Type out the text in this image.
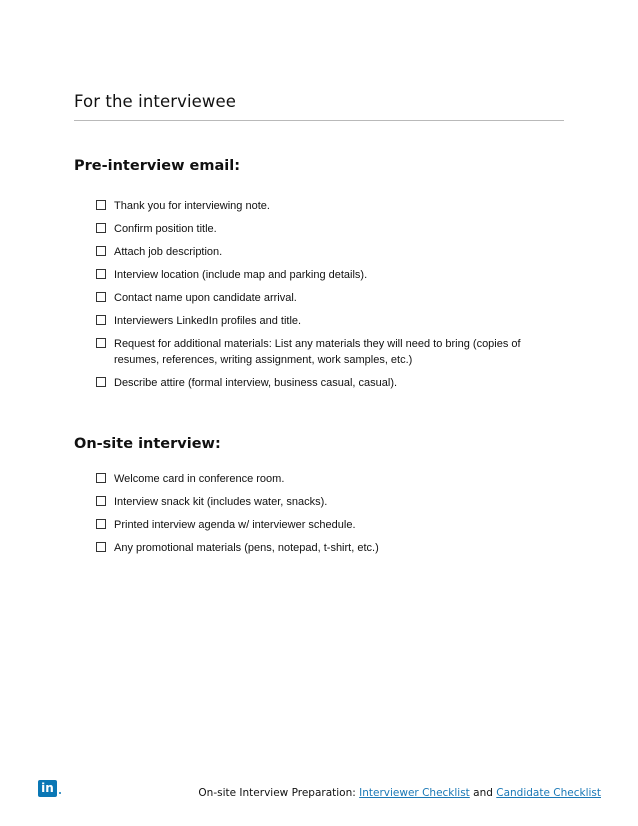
For the interviewee
Pre-interview email:
Thank you for interviewing note.
Confirm position title.
Attach job description.
Interview location (include map and parking details).
Contact name upon candidate arrival.
Interviewers LinkedIn profiles and title.
Request for additional materials: List any materials they will need to bring (copies of resumes, references, writing assignment, work samples, etc.)
Describe attire (formal interview, business casual, casual).
On-site interview:
Welcome card in conference room.
Interview snack kit (includes water, snacks).
Printed interview agenda w/ interviewer schedule.
Any promotional materials (pens, notepad, t-shirt, etc.)
in	On-site Interview Preparation: Interviewer Checklist and Candidate Checklist
